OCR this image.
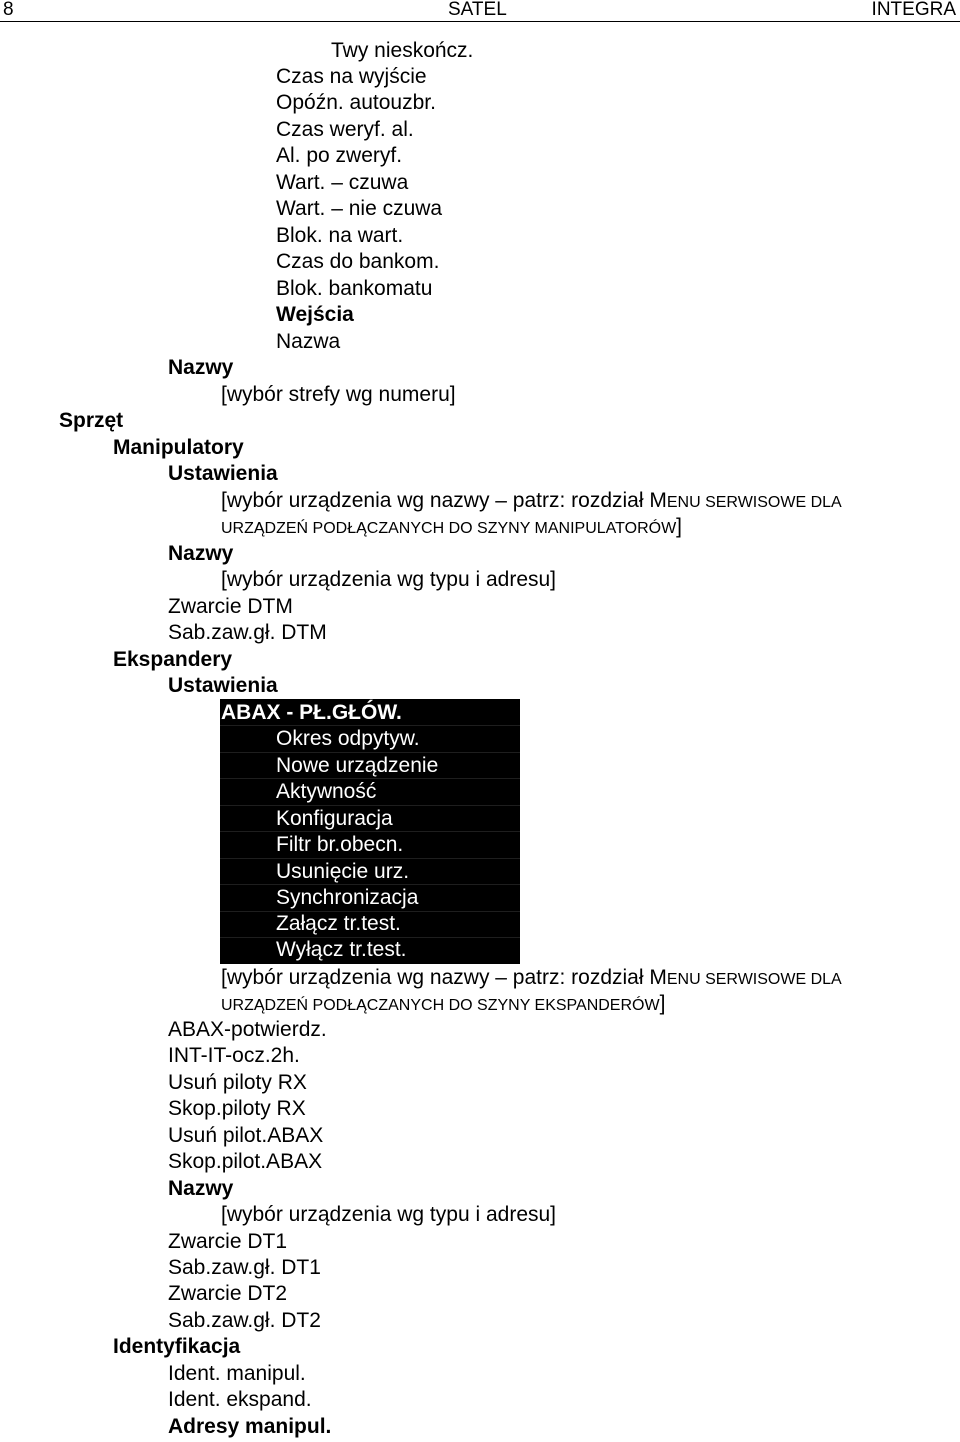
8	SATEL	INTEGRA
Twy nieskończ.
Czas na wyjście
Opóźn. autouzbr.
Czas weryf. al.
Al. po zweryf.
Wart. – czuwa
Wart. – nie czuwa
Blok. na wart.
Czas do bankom.
Blok. bankomatu
Wejścia
Nazwa
Nazwy
[wybór strefy wg numeru]
Sprzęt
Manipulatory
Ustawienia
[wybór urządzenia wg nazwy – patrz: rozdział MENU SERWISOWE DLA
URZĄDZEŃ PODŁĄCZANYCH DO SZYNY MANIPULATORÓW]
Nazwy
[wybór urządzenia wg typu i adresu]
Zwarcie DTM
Sab.zaw.gł. DTM
Ekspandery
Ustawienia
ABAX - PŁ.GŁÓW.
Okres odpytyw.
Nowe urządzenie
Aktywność
Konfiguracja
Filtr br.obecn.
Usunięcie urz.
Synchronizacja
Załącz tr.test.
Wyłącz tr.test.
[wybór urządzenia wg nazwy – patrz: rozdział MENU SERWISOWE DLA
URZĄDZEŃ PODŁĄCZANYCH DO SZYNY EKSPANDERÓW]
ABAX-potwierdz.
INT-IT-ocz.2h.
Usuń piloty RX
Skop.piloty RX
Usuń pilot.ABAX
Skop.pilot.ABAX
Nazwy
[wybór urządzenia wg typu i adresu]
Zwarcie DT1
Sab.zaw.gł. DT1
Zwarcie DT2
Sab.zaw.gł. DT2
Identyfikacja
Ident. manipul.
Ident. ekspand.
Adresy manipul.
